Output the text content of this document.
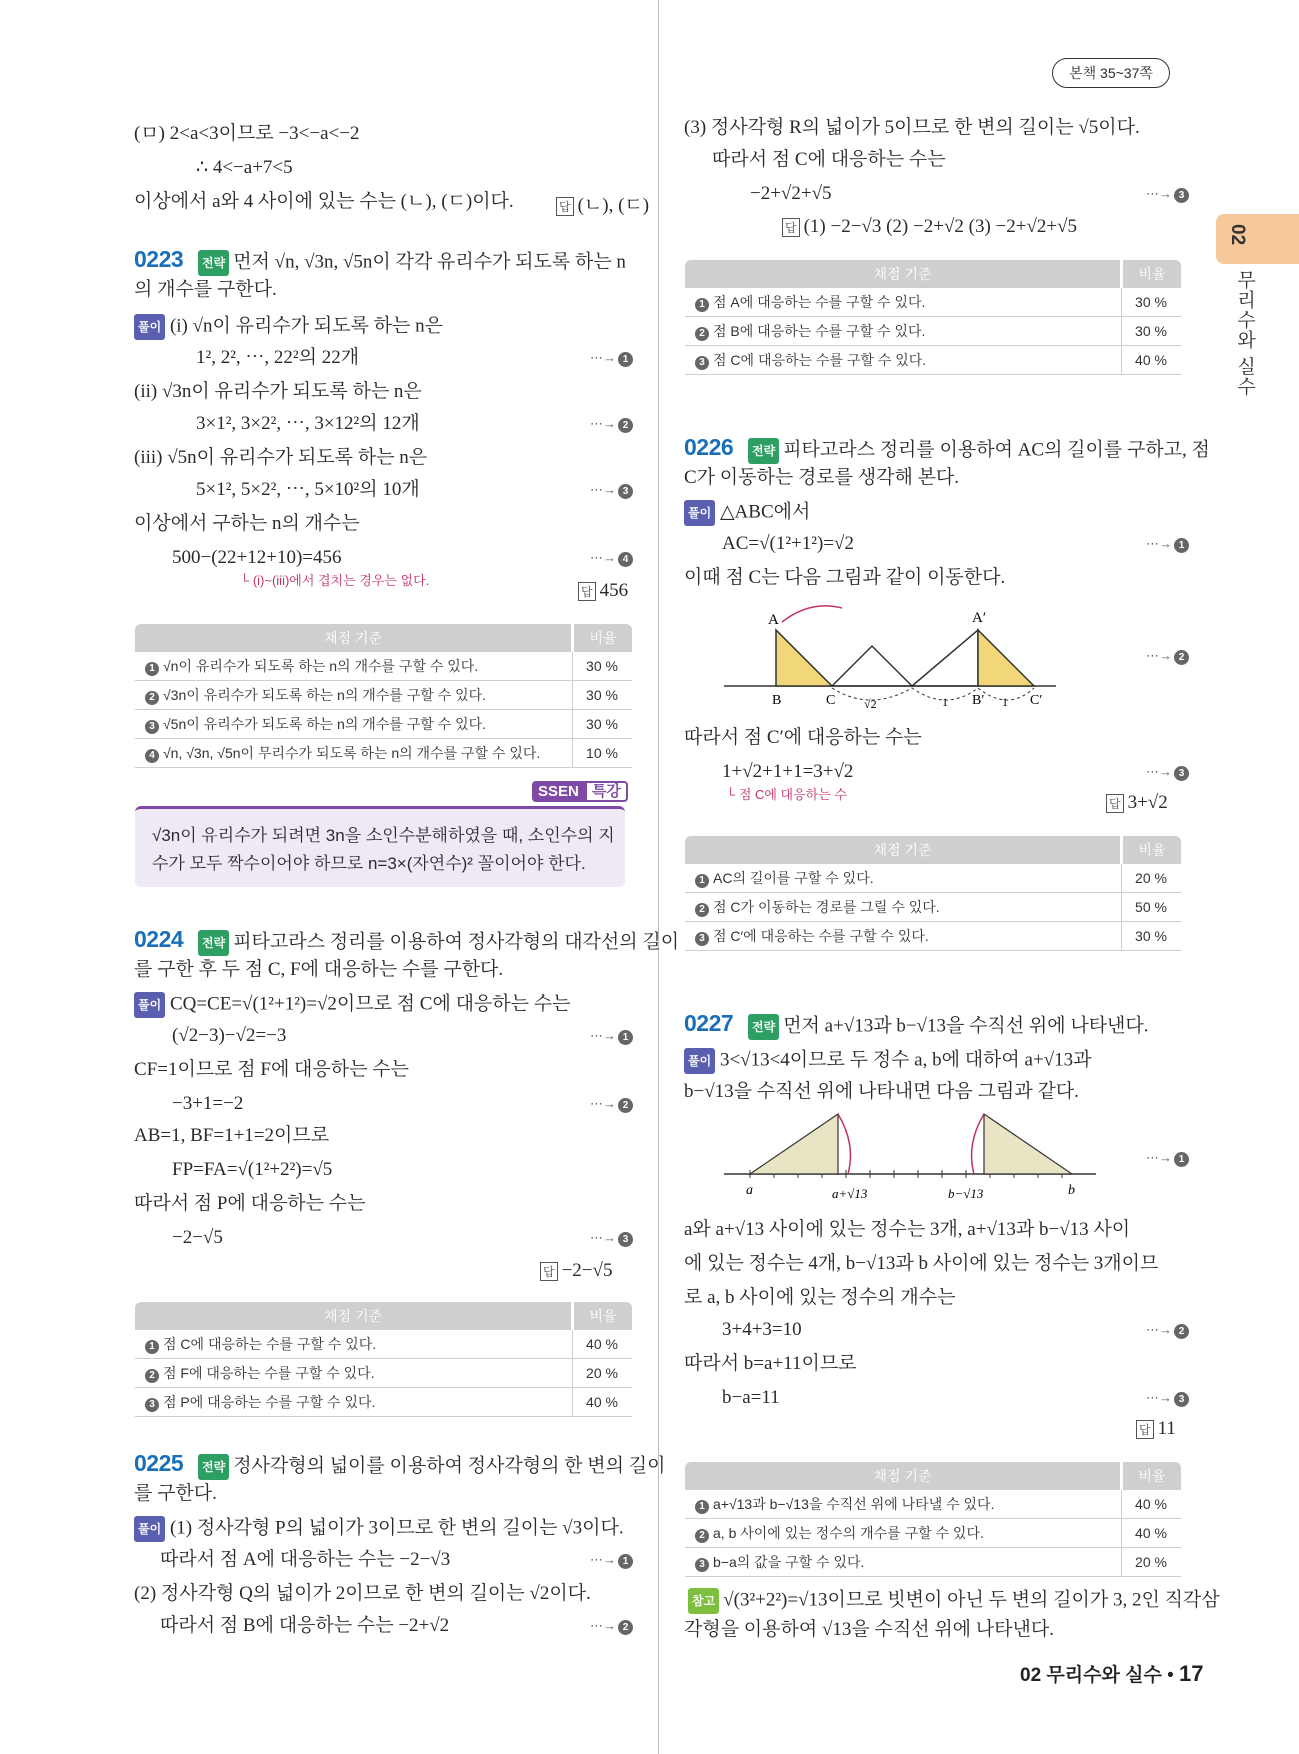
본책 35~37쪽
02
무리수와 실수
(ㅁ) 2<a<3이므로 −3<−a<−2
∴ 4<−a+7<5
이상에서 a와 4 사이에 있는 수는 (ㄴ), (ㄷ)이다.	답 (ㄴ), (ㄷ)
0223	전략 먼저 √n, √3n, √5n이 각각 유리수가 되도록 하는 n
의 개수를 구한다.
풀이 (i) √n이 유리수가 되도록 하는 n은
1², 2², ⋯, 22²의 22개	⋯→ 1
(ii) √3n이 유리수가 되도록 하는 n은
3×1², 3×2², ⋯, 3×12²의 12개	⋯→ 2
(iii) √5n이 유리수가 되도록 하는 n은
5×1², 5×2², ⋯, 5×10²의 10개	⋯→ 3
이상에서 구하는 n의 개수는
500−(22+12+10)=456	⋯→ 4
└ (i)~(iii)에서 겹치는 경우는 없다.
답 456
채점 기준	비율
1 √n이 유리수가 되도록 하는 n의 개수를 구할 수 있다.	30 %
2 √3n이 유리수가 되도록 하는 n의 개수를 구할 수 있다.	30 %
3 √5n이 유리수가 되도록 하는 n의 개수를 구할 수 있다.	30 %
4 √n, √3n, √5n이 무리수가 되도록 하는 n의 개수를 구할 수 있다.	10 %
SSEN 특강
√3n이 유리수가 되려면 3n을 소인수분해하였을 때, 소인수의 지
수가 모두 짝수이어야 하므로 n=3×(자연수)² 꼴이어야 한다.
0224	전략 피타고라스 정리를 이용하여 정사각형의 대각선의 길이
를 구한 후 두 점 C, F에 대응하는 수를 구한다.
풀이 CQ=CE=√(1²+1²)=√2이므로 점 C에 대응하는 수는
(√2−3)−√2=−3	⋯→ 1
CF=1이므로 점 F에 대응하는 수는
−3+1=−2	⋯→ 2
AB=1, BF=1+1=2이므로
FP=FA=√(1²+2²)=√5
따라서 점 P에 대응하는 수는
−2−√5	⋯→ 3
답 −2−√5
채점 기준	비율
1 점 C에 대응하는 수를 구할 수 있다.	40 %
2 점 F에 대응하는 수를 구할 수 있다.	20 %
3 점 P에 대응하는 수를 구할 수 있다.	40 %
0225	전략 정사각형의 넓이를 이용하여 정사각형의 한 변의 길이
를 구한다.
풀이 (1) 정사각형 P의 넓이가 3이므로 한 변의 길이는 √3이다.
따라서 점 A에 대응하는 수는 −2−√3	⋯→ 1
(2) 정사각형 Q의 넓이가 2이므로 한 변의 길이는 √2이다.
따라서 점 B에 대응하는 수는 −2+√2	⋯→ 2
(3) 정사각형 R의 넓이가 5이므로 한 변의 길이는 √5이다.
따라서 점 C에 대응하는 수는
−2+√2+√5	⋯→ 3
답 (1) −2−√3 (2) −2+√2 (3) −2+√2+√5
채점 기준	비율
1 점 A에 대응하는 수를 구할 수 있다.	30 %
2 점 B에 대응하는 수를 구할 수 있다.	30 %
3 점 C에 대응하는 수를 구할 수 있다.	40 %
0226	전략 피타고라스 정리를 이용하여 AC의 길이를 구하고, 점
C가 이동하는 경로를 생각해 본다.
풀이 △ABC에서
AC=√(1²+1²)=√2	⋯→ 1
이때 점 C는 다음 그림과 같이 이동한다.
A	A′
B	C √2	1 B′ 1 C′
⋯→ 2
따라서 점 C′에 대응하는 수는
1+√2+1+1=3+√2	⋯→ 3
└ 점 C에 대응하는 수
답 3+√2
채점 기준	비율
1 AC의 길이를 구할 수 있다.	20 %
2 점 C가 이동하는 경로를 그릴 수 있다.	50 %
3 점 C′에 대응하는 수를 구할 수 있다.	30 %
0227	전략 먼저 a+√13과 b−√13을 수직선 위에 나타낸다.
풀이 3<√13<4이므로 두 정수 a, b에 대하여 a+√13과
b−√13을 수직선 위에 나타내면 다음 그림과 같다.
a	a+√13	b−√13	b
⋯→ 1
a와 a+√13 사이에 있는 정수는 3개, a+√13과 b−√13 사이
에 있는 정수는 4개, b−√13과 b 사이에 있는 정수는 3개이므
로 a, b 사이에 있는 정수의 개수는
3+4+3=10	⋯→ 2
따라서 b=a+11이므로
b−a=11	⋯→ 3
답 11
채점 기준	비율
1 a+√13과 b−√13을 수직선 위에 나타낼 수 있다.	40 %
2 a, b 사이에 있는 정수의 개수를 구할 수 있다.	40 %
3 b−a의 값을 구할 수 있다.	20 %
참고 √(3²+2²)=√13이므로 빗변이 아닌 두 변의 길이가 3, 2인 직각삼
각형을 이용하여 √13을 수직선 위에 나타낸다.
02 무리수와 실수 • 17
